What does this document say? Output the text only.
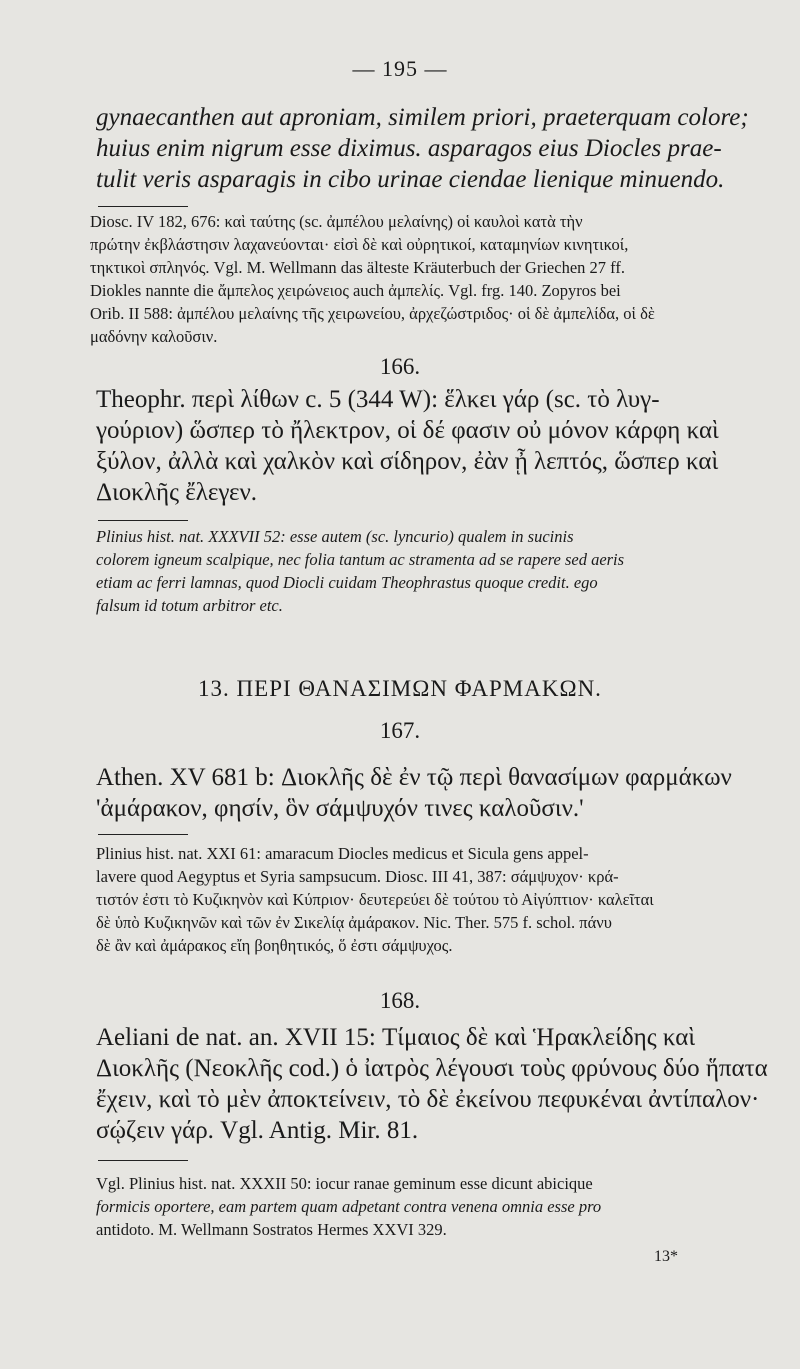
— 195 —
gynaecanthen aut aproniam, similem priori, praeterquam colore;
huius enim nigrum esse diximus. asparagos eius Diocles prae-
tulit veris asparagis in cibo urinae ciendae lienique minuendo.
Diosc. IV 182, 676: καὶ ταύτης (sc. ἀμπέλου μελαίνης) οἱ καυλοὶ κατὰ τὴν
πρώτην ἐκβλάστησιν λαχανεύονται· εἰσὶ δὲ καὶ οὐρητικοί, καταμηνίων κινητικοί,
τηκτικοὶ σπληνός. Vgl. M. Wellmann das älteste Kräuterbuch der Griechen 27 ff.
Diokles nannte die ἄμπελος χειρώνειος auch ἀμπελίς. Vgl. frg. 140. Zopyros bei
Orib. II 588: ἀμπέλου μελαίνης τῆς χειρωνείου, ἀρχεζώστριδος· οἱ δὲ ἀμπελίδα, οἱ δὲ
μαδόνην καλοῦσιν.
166.
Theophr. περὶ λίθων c. 5 (344 W): ἕλκει γάρ (sc. τὸ λυγ-
γούριον) ὥσπερ τὸ ἤλεκτρον, οἱ δέ φασιν οὐ μόνον κάρφη καὶ
ξύλον, ἀλλὰ καὶ χαλκὸν καὶ σίδηρον, ἐὰν ᾖ λεπτός, ὥσπερ καὶ
Διοκλῆς ἔλεγεν.
Plinius hist. nat. XXXVII 52: esse autem (sc. lyncurio) qualem in sucinis
colorem igneum scalpique, nec folia tantum ac stramenta ad se rapere sed aeris
etiam ac ferri lamnas, quod Diocli cuidam Theophrastus quoque credit. ego
falsum id totum arbitror etc.
13. ΠΕΡΙ ΘΑΝΑΣΙΜΩΝ ΦΑΡΜΑΚΩΝ.
167.
Athen. XV 681 b: Διοκλῆς δὲ ἐν τῷ περὶ θανασίμων φαρμάκων
'ἀμάρακον, φησίν, ὃν σάμψυχόν τινες καλοῦσιν.'
Plinius hist. nat. XXI 61: amaracum Diocles medicus et Sicula gens appel-
lavere quod Aegyptus et Syria sampsucum. Diosc. III 41, 387: σάμψυχον· κρά-
τιστόν ἐστι τὸ Κυζικηνὸν καὶ Κύπριον· δευτερεύει δὲ τούτου τὸ Αἰγύπτιον· καλεῖται
δὲ ὑπὸ Κυζικηνῶν καὶ τῶν ἐν Σικελίᾳ ἀμάρακον. Nic. Ther. 575 f. schol. πάνυ
δὲ ἂν καὶ ἀμάρακος εἴη βοηθητικός, ὅ ἐστι σάμψυχος.
168.
Aeliani de nat. an. XVII 15: Τίμαιος δὲ καὶ Ἡρακλείδης καὶ
Διοκλῆς (Νεοκλῆς cod.) ὁ ἰατρὸς λέγουσι τοὺς φρύνους δύο ἥπατα
ἔχειν, καὶ τὸ μὲν ἀποκτείνειν, τὸ δὲ ἐκείνου πεφυκέναι ἀντίπαλον·
σῴζειν γάρ. Vgl. Antig. Mir. 81.
Vgl. Plinius hist. nat. XXXII 50: iocur ranae geminum esse dicunt abicique
formicis oportere, eam partem quam adpetant contra venena omnia esse pro
antidoto. M. Wellmann Sostratos Hermes XXVI 329.
13*
